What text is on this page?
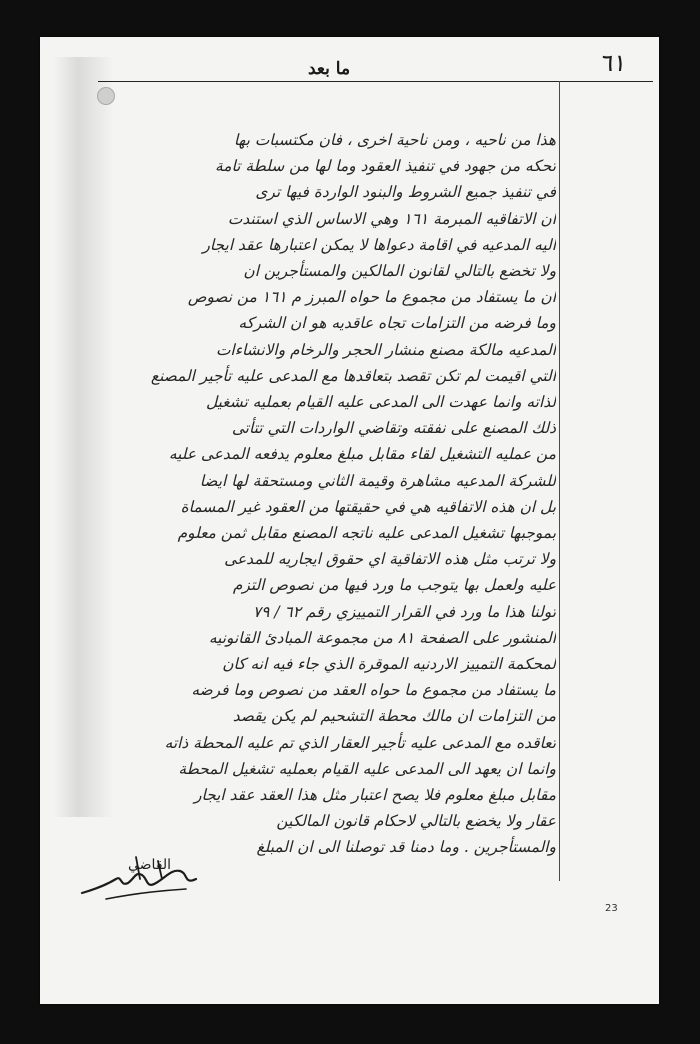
ما بعد	٦١
هذا من ناحيه ، ومن ناحية اخرى ، فان مكتسبات بها
تحكه من جهود في تنفيذ العقود وما لها من سلطة تامة
في تنفيذ جميع الشروط والبنود الواردة فيها ترى
ان الاتفاقيه المبرمة ١٦١ وهي الاساس الذي استندت
اليه المدعيه في اقامة دعواها لا يمكن اعتبارها عقد ايجار
ولا تخضع بالتالي لقانون المالكين والمستأجرين ان
ان ما يستفاد من مجموع ما حواه المبرز م ١٦١ من نصوص
وما فرضه من التزامات تجاه عاقديه هو ان الشركه
المدعيه مالكة مصنع منشار الحجر والرخام والانشاءات
التي اقيمت لم تكن تقصد بتعاقدها مع المدعى عليه تأجير المصنع
لذاته وانما عهدت الى المدعى عليه القيام بعمليه تشغيل
ذلك المصنع على نفقته وتقاضي الواردات التي تتأتى
من عمليه التشغيل لقاء مقابل مبلغ معلوم يدفعه المدعى عليه
للشركة المدعيه مشاهرة وقيمة الثاني ومستحقة لها ايضا
بل ان هذه الاتفاقيه هي في حقيقتها من العقود غير المسماة
بموجبها تشغيل المدعى عليه ناتجه المصنع مقابل ثمن معلوم
ولا ترتب مثل هذه الاتفاقية اي حقوق ايجاريه للمدعى
عليه ولعمل بها يتوجب ما ورد فيها من نصوص التزم
تولنا هذا ما ورد في القرار التمييزي رقم ٦٢ / ٧٩
المنشور على الصفحة ٨١ من مجموعة المبادئ القانونيه
لمحكمة التمييز الاردنيه الموقرة الذي جاء فيه انه كان
ما يستفاد من مجموع ما حواه العقد من نصوص وما فرضه
من التزامات ان مالك محطة التشحيم لم يكن يقصد
تعاقده مع المدعى عليه تأجير العقار الذي تم عليه المحطة ذاته
وانما ان يعهد الى المدعى عليه القيام بعمليه تشغيل المحطة
مقابل مبلغ معلوم فلا يصح اعتبار مثل هذا العقد عقد ايجار
عقار ولا يخضع بالتالي لاحكام قانون المالكين
والمستأجرين . وما دمنا قد توصلنا الى ان المبلغ
القاضي
23
